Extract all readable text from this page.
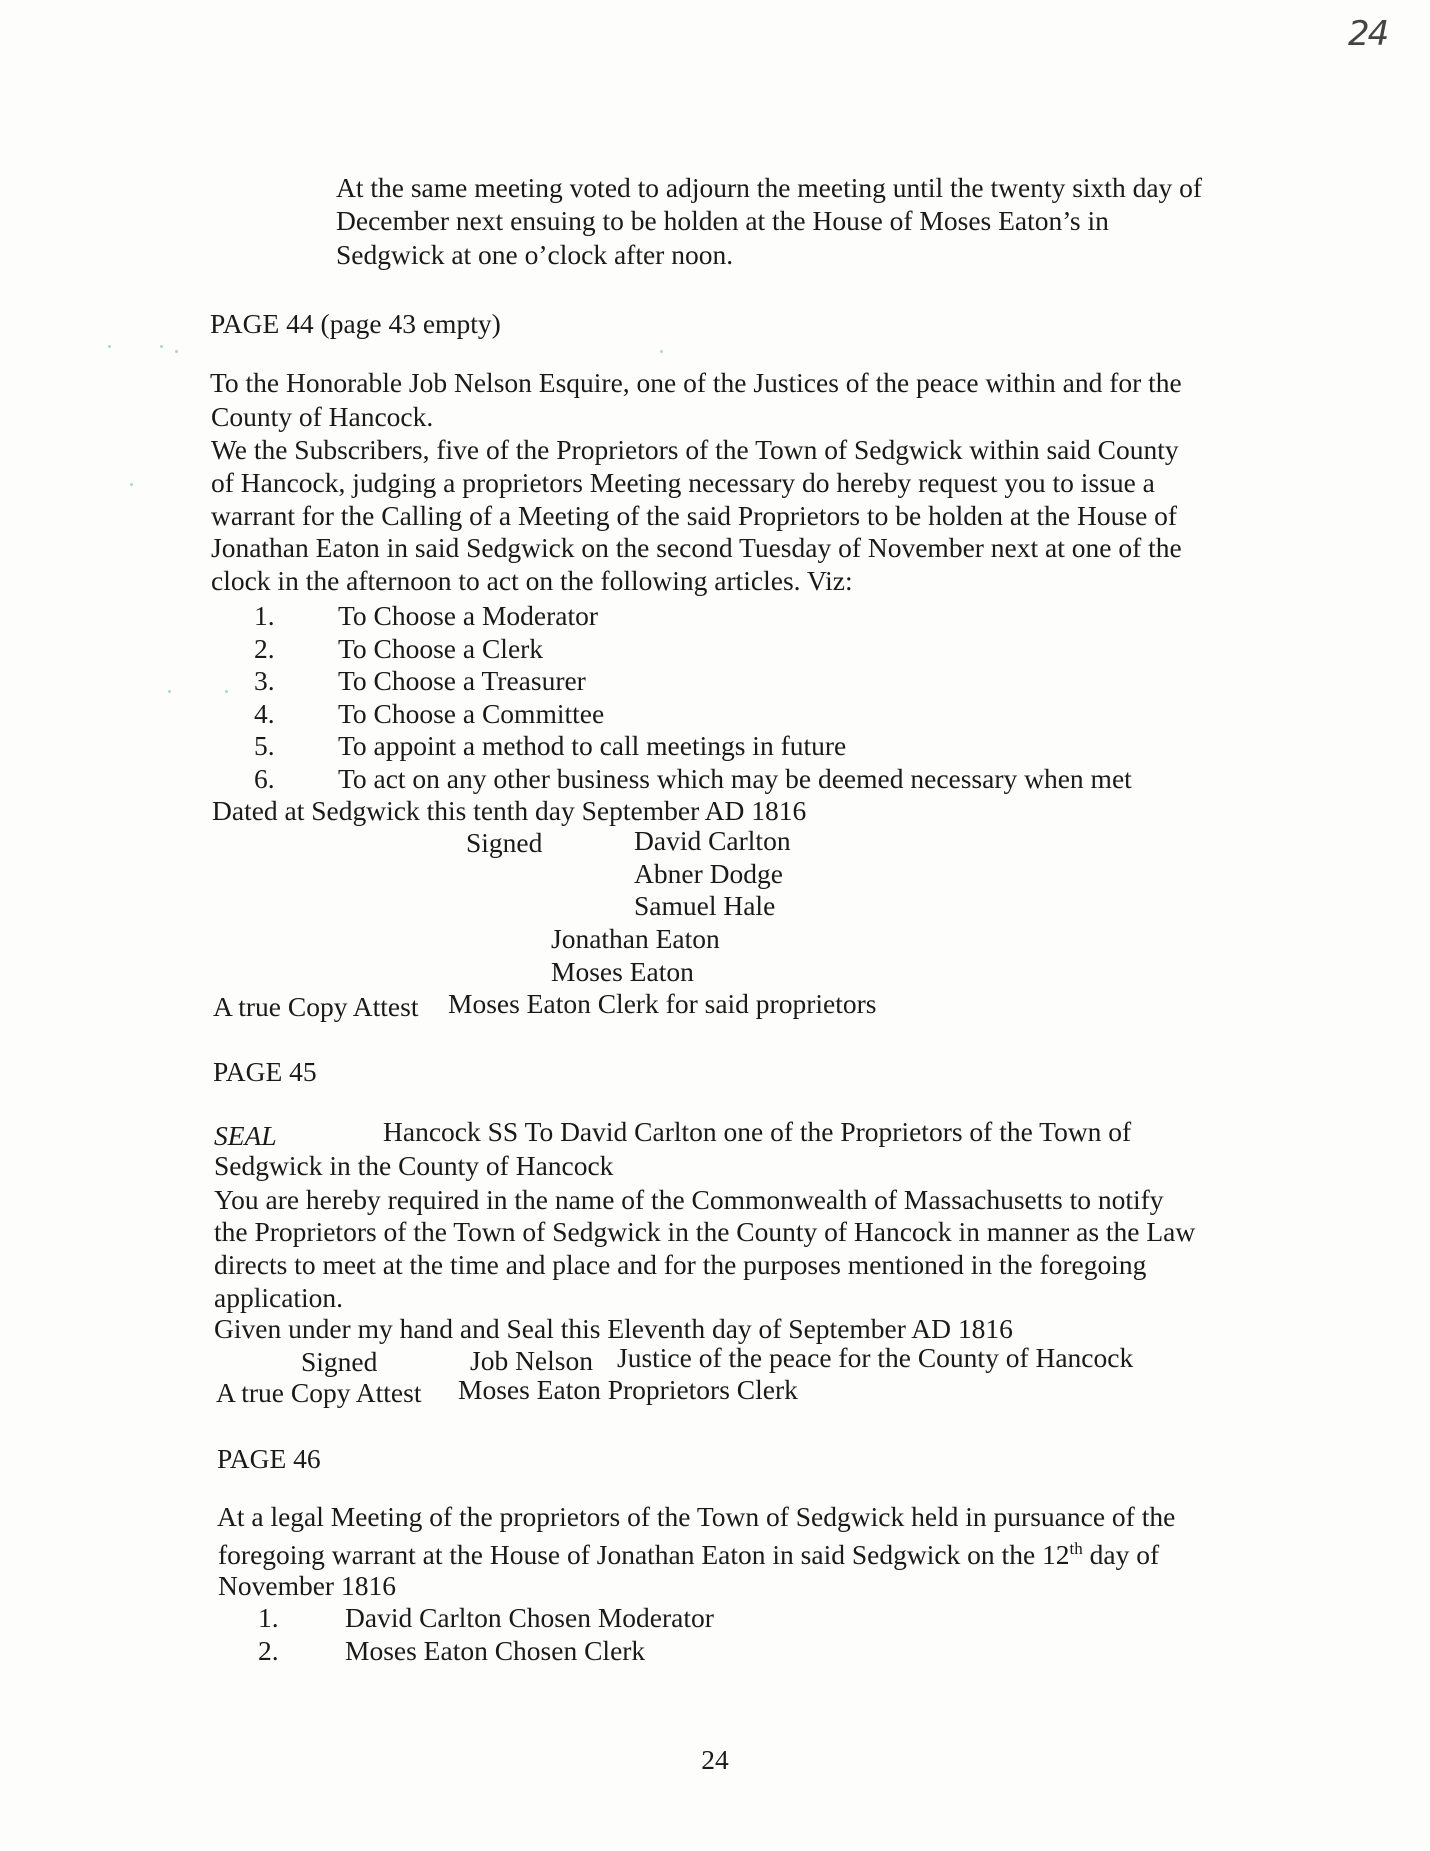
24
At the same meeting voted to adjourn the meeting until the twenty sixth day of
December next ensuing to be holden at the House of Moses Eaton’s in
Sedgwick at one o’clock after noon.
PAGE 44 (page 43 empty)
To the Honorable Job Nelson Esquire, one of the Justices of the peace within and for the
County of Hancock.
We the Subscribers, five of the Proprietors of the Town of Sedgwick within said County
of Hancock, judging a proprietors Meeting necessary do hereby request you to issue a
warrant for the Calling of a Meeting of the said Proprietors to be holden at the House of
Jonathan Eaton in said Sedgwick on the second Tuesday of November next at one of the
clock in the afternoon to act on the following articles. Viz:
1. To Choose a Moderator
2. To Choose a Clerk
3. To Choose a Treasurer
4. To Choose a Committee
5. To appoint a method to call meetings in future
6. To act on any other business which may be deemed necessary when met
Dated at Sedgwick this tenth day September AD 1816
Signed	David Carlton
Abner Dodge
Samuel Hale
Jonathan Eaton
Moses Eaton
A true Copy Attest Moses Eaton Clerk for said proprietors
PAGE 45
SEAL	Hancock SS To David Carlton one of the Proprietors of the Town of
Sedgwick in the County of Hancock
You are hereby required in the name of the Commonwealth of Massachusetts to notify
the Proprietors of the Town of Sedgwick in the County of Hancock in manner as the Law
directs to meet at the time and place and for the purposes mentioned in the foregoing
application.
Given under my hand and Seal this Eleventh day of September AD 1816
Signed	Job Nelson Justice of the peace for the County of Hancock
A true Copy Attest Moses Eaton Proprietors Clerk
PAGE 46
At a legal Meeting of the proprietors of the Town of Sedgwick held in pursuance of the
foregoing warrant at the House of Jonathan Eaton in said Sedgwick on the 12th day of
November 1816
1. David Carlton Chosen Moderator
2. Moses Eaton Chosen Clerk
24
